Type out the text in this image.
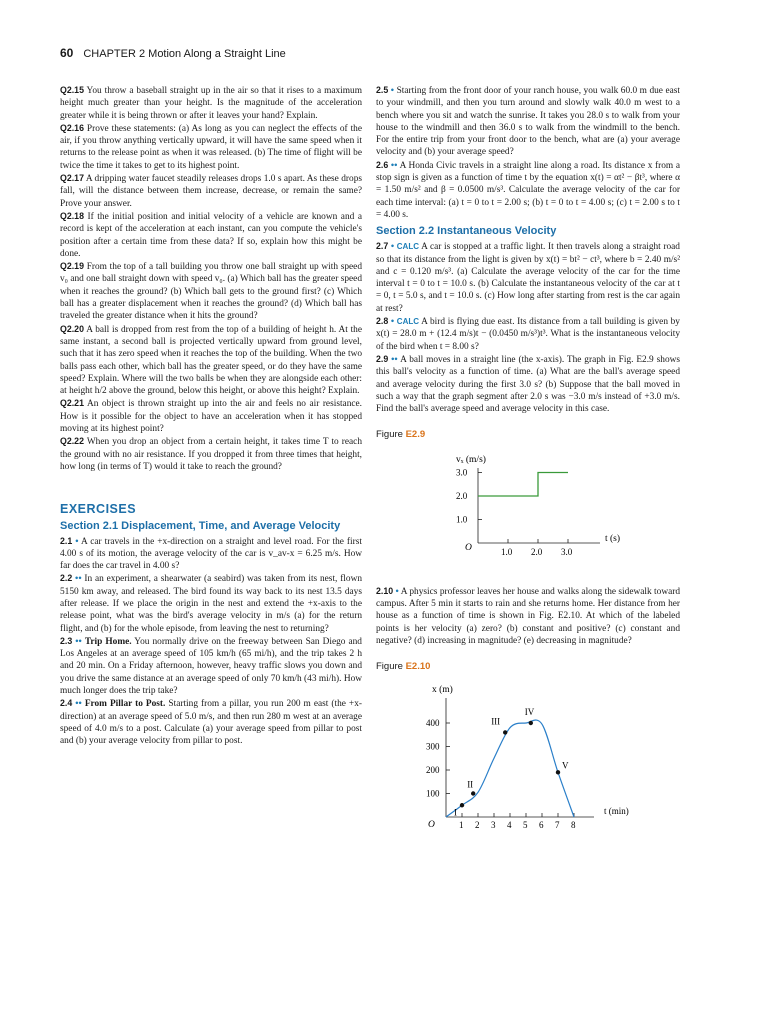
60 CHAPTER 2 Motion Along a Straight Line

Q2.15 You throw a baseball straight up in the air so that it rises to a maximum height much greater than your height. Is the magnitude of the acceleration greater while it is being thrown or after it leaves your hand? Explain.

Q2.16 Prove these statements: (a) As long as you can neglect the effects of the air, if you throw anything vertically upward, it will have the same speed when it returns to the release point as when it was released. (b) The time of flight will be twice the time it takes to get to its highest point.

Q2.17 A dripping water faucet steadily releases drops 1.0 s apart. As these drops fall, will the distance between them increase, decrease, or remain the same? Prove your answer.

Q2.18 If the initial position and initial velocity of a vehicle are known and a record is kept of the acceleration at each instant, can you compute the vehicle's position after a certain time from these data? If so, explain how this might be done.

Q2.19 From the top of a tall building you throw one ball straight up with speed v₀ and one ball straight down with speed v₀. (a) Which ball has the greater speed when it reaches the ground? (b) Which ball gets to the ground first? (c) Which ball has a greater displacement when it reaches the ground? (d) Which ball has traveled the greater distance when it hits the ground?

Q2.20 A ball is dropped from rest from the top of a building of height h. At the same instant, a second ball is projected vertically upward from ground level, such that it has zero speed when it reaches the top of the building. When the two balls pass each other, which ball has the greater speed, or do they have the same speed? Explain. Where will the two balls be when they are alongside each other: at height h/2 above the ground, below this height, or above this height? Explain.

Q2.21 An object is thrown straight up into the air and feels no air resistance. How is it possible for the object to have an acceleration when it has stopped moving at its highest point?

Q2.22 When you drop an object from a certain height, it takes time T to reach the ground with no air resistance. If you dropped it from three times that height, how long (in terms of T) would it take to reach the ground?

EXERCISES
Section 2.1 Displacement, Time, and Average Velocity

2.1 • A car travels in the +x-direction on a straight and level road. For the first 4.00 s of its motion, the average velocity of the car is v_av-x = 6.25 m/s. How far does the car travel in 4.00 s?

2.2 •• In an experiment, a shearwater (a seabird) was taken from its nest, flown 5150 km away, and released. The bird found its way back to its nest 13.5 days after release. If we place the origin in the nest and extend the +x-axis to the release point, what was the bird's average velocity in m/s (a) for the return flight, and (b) for the whole episode, from leaving the nest to returning?

2.3 •• Trip Home. You normally drive on the freeway between San Diego and Los Angeles at an average speed of 105 km/h (65 mi/h), and the trip takes 2 h and 20 min. On a Friday afternoon, however, heavy traffic slows you down and you drive the same distance at an average speed of only 70 km/h (43 mi/h). How much longer does the trip take?

2.4 •• From Pillar to Post. Starting from a pillar, you run 200 m east (the +x-direction) at an average speed of 5.0 m/s, and then run 280 m west at an average speed of 4.0 m/s to a post. Calculate (a) your average speed from pillar to post and (b) your average velocity from pillar to post.

2.5 • Starting from the front door of your ranch house, you walk 60.0 m due east to your windmill, and then you turn around and slowly walk 40.0 m west to a bench where you sit and watch the sunrise. It takes you 28.0 s to walk from your house to the windmill and then 36.0 s to walk from the windmill to the bench. For the entire trip from your front door to the bench, what are (a) your average velocity and (b) your average speed?

2.6 •• A Honda Civic travels in a straight line along a road. Its distance x from a stop sign is given as a function of time t by the equation x(t) = αt² − βt³, where α = 1.50 m/s² and β = 0.0500 m/s³. Calculate the average velocity of the car for each time interval: (a) t = 0 to t = 2.00 s; (b) t = 0 to t = 4.00 s; (c) t = 2.00 s to t = 4.00 s.

Section 2.2 Instantaneous Velocity

2.7 • CALC A car is stopped at a traffic light. It then travels along a straight road so that its distance from the light is given by x(t) = bt² − ct³, where b = 2.40 m/s² and c = 0.120 m/s³. (a) Calculate the average velocity of the car for the time interval t = 0 to t = 10.0 s. (b) Calculate the instantaneous velocity of the car at t = 0, t = 5.0 s, and t = 10.0 s. (c) How long after starting from rest is the car again at rest?

2.8 • CALC A bird is flying due east. Its distance from a tall building is given by x(t) = 28.0 m + (12.4 m/s)t − (0.0450 m/s³)t³. What is the instantaneous velocity of the bird when t = 8.00 s?

2.9 •• A ball moves in a straight line (the x-axis). The graph in Fig. E2.9 shows this ball's velocity as a function of time. (a) What are the ball's average speed and average velocity during the first 3.0 s? (b) Suppose that the ball moved in such a way that the graph segment after 2.0 s was −3.0 m/s instead of +3.0 m/s. Find the ball's average speed and average velocity in this case.

Figure E2.9
vₓ (m/s)
t (s)
O
1.0
2.0
3.0
1.0 2.0 3.0

2.10 • A physics professor leaves her house and walks along the sidewalk toward campus. After 5 min it starts to rain and she returns home. Her distance from her house as a function of time is shown in Fig. E2.10. At which of the labeled points is her velocity (a) zero? (b) constant and positive? (c) constant and negative? (d) increasing in magnitude? (e) decreasing in magnitude?

Figure E2.10
x (m)
t (min)
O
100
200
300
400
1 2 3 4 5 6 7 8
I
II
III
IV
V
